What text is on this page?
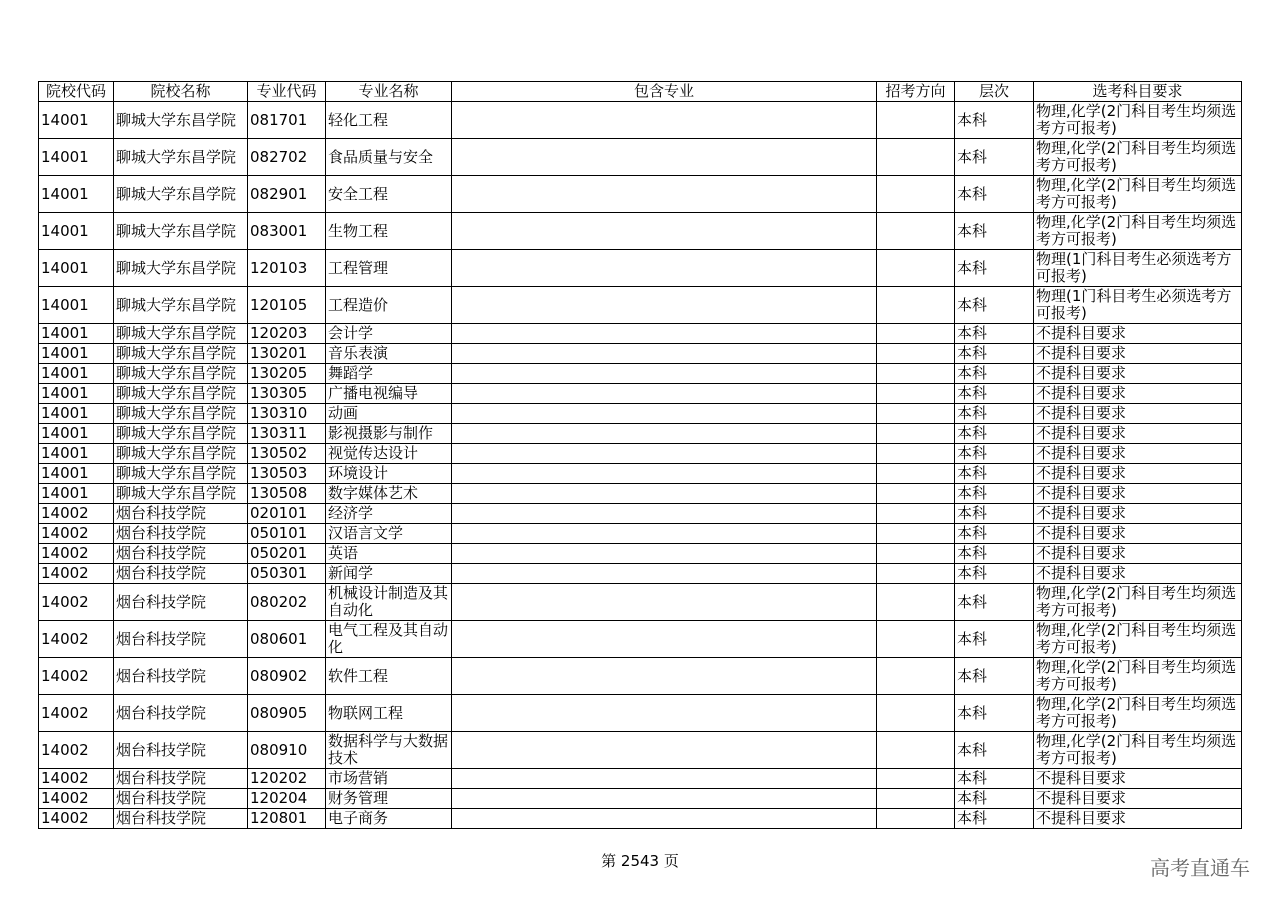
院校代码	院校名称	专业代码	专业名称	包含专业	招考方向	层次	选考科目要求
14001	聊城大学东昌学院	081701	轻化工程			本科	物理,化学(2门科目考生均须选考方可报考)
14001	聊城大学东昌学院	082702	食品质量与安全			本科	物理,化学(2门科目考生均须选考方可报考)
14001	聊城大学东昌学院	082901	安全工程			本科	物理,化学(2门科目考生均须选考方可报考)
14001	聊城大学东昌学院	083001	生物工程			本科	物理,化学(2门科目考生均须选考方可报考)
14001	聊城大学东昌学院	120103	工程管理			本科	物理(1门科目考生必须选考方可报考)
14001	聊城大学东昌学院	120105	工程造价			本科	物理(1门科目考生必须选考方可报考)
14001	聊城大学东昌学院	120203	会计学			本科	不提科目要求
14001	聊城大学东昌学院	130201	音乐表演			本科	不提科目要求
14001	聊城大学东昌学院	130205	舞蹈学			本科	不提科目要求
14001	聊城大学东昌学院	130305	广播电视编导			本科	不提科目要求
14001	聊城大学东昌学院	130310	动画			本科	不提科目要求
14001	聊城大学东昌学院	130311	影视摄影与制作			本科	不提科目要求
14001	聊城大学东昌学院	130502	视觉传达设计			本科	不提科目要求
14001	聊城大学东昌学院	130503	环境设计			本科	不提科目要求
14001	聊城大学东昌学院	130508	数字媒体艺术			本科	不提科目要求
14002	烟台科技学院	020101	经济学			本科	不提科目要求
14002	烟台科技学院	050101	汉语言文学			本科	不提科目要求
14002	烟台科技学院	050201	英语			本科	不提科目要求
14002	烟台科技学院	050301	新闻学			本科	不提科目要求
14002	烟台科技学院	080202	机械设计制造及其自动化			本科	物理,化学(2门科目考生均须选考方可报考)
14002	烟台科技学院	080601	电气工程及其自动化			本科	物理,化学(2门科目考生均须选考方可报考)
14002	烟台科技学院	080902	软件工程			本科	物理,化学(2门科目考生均须选考方可报考)
14002	烟台科技学院	080905	物联网工程			本科	物理,化学(2门科目考生均须选考方可报考)
14002	烟台科技学院	080910	数据科学与大数据技术			本科	物理,化学(2门科目考生均须选考方可报考)
14002	烟台科技学院	120202	市场营销			本科	不提科目要求
14002	烟台科技学院	120204	财务管理			本科	不提科目要求
14002	烟台科技学院	120801	电子商务			本科	不提科目要求
第 2543 页	高考直通车
